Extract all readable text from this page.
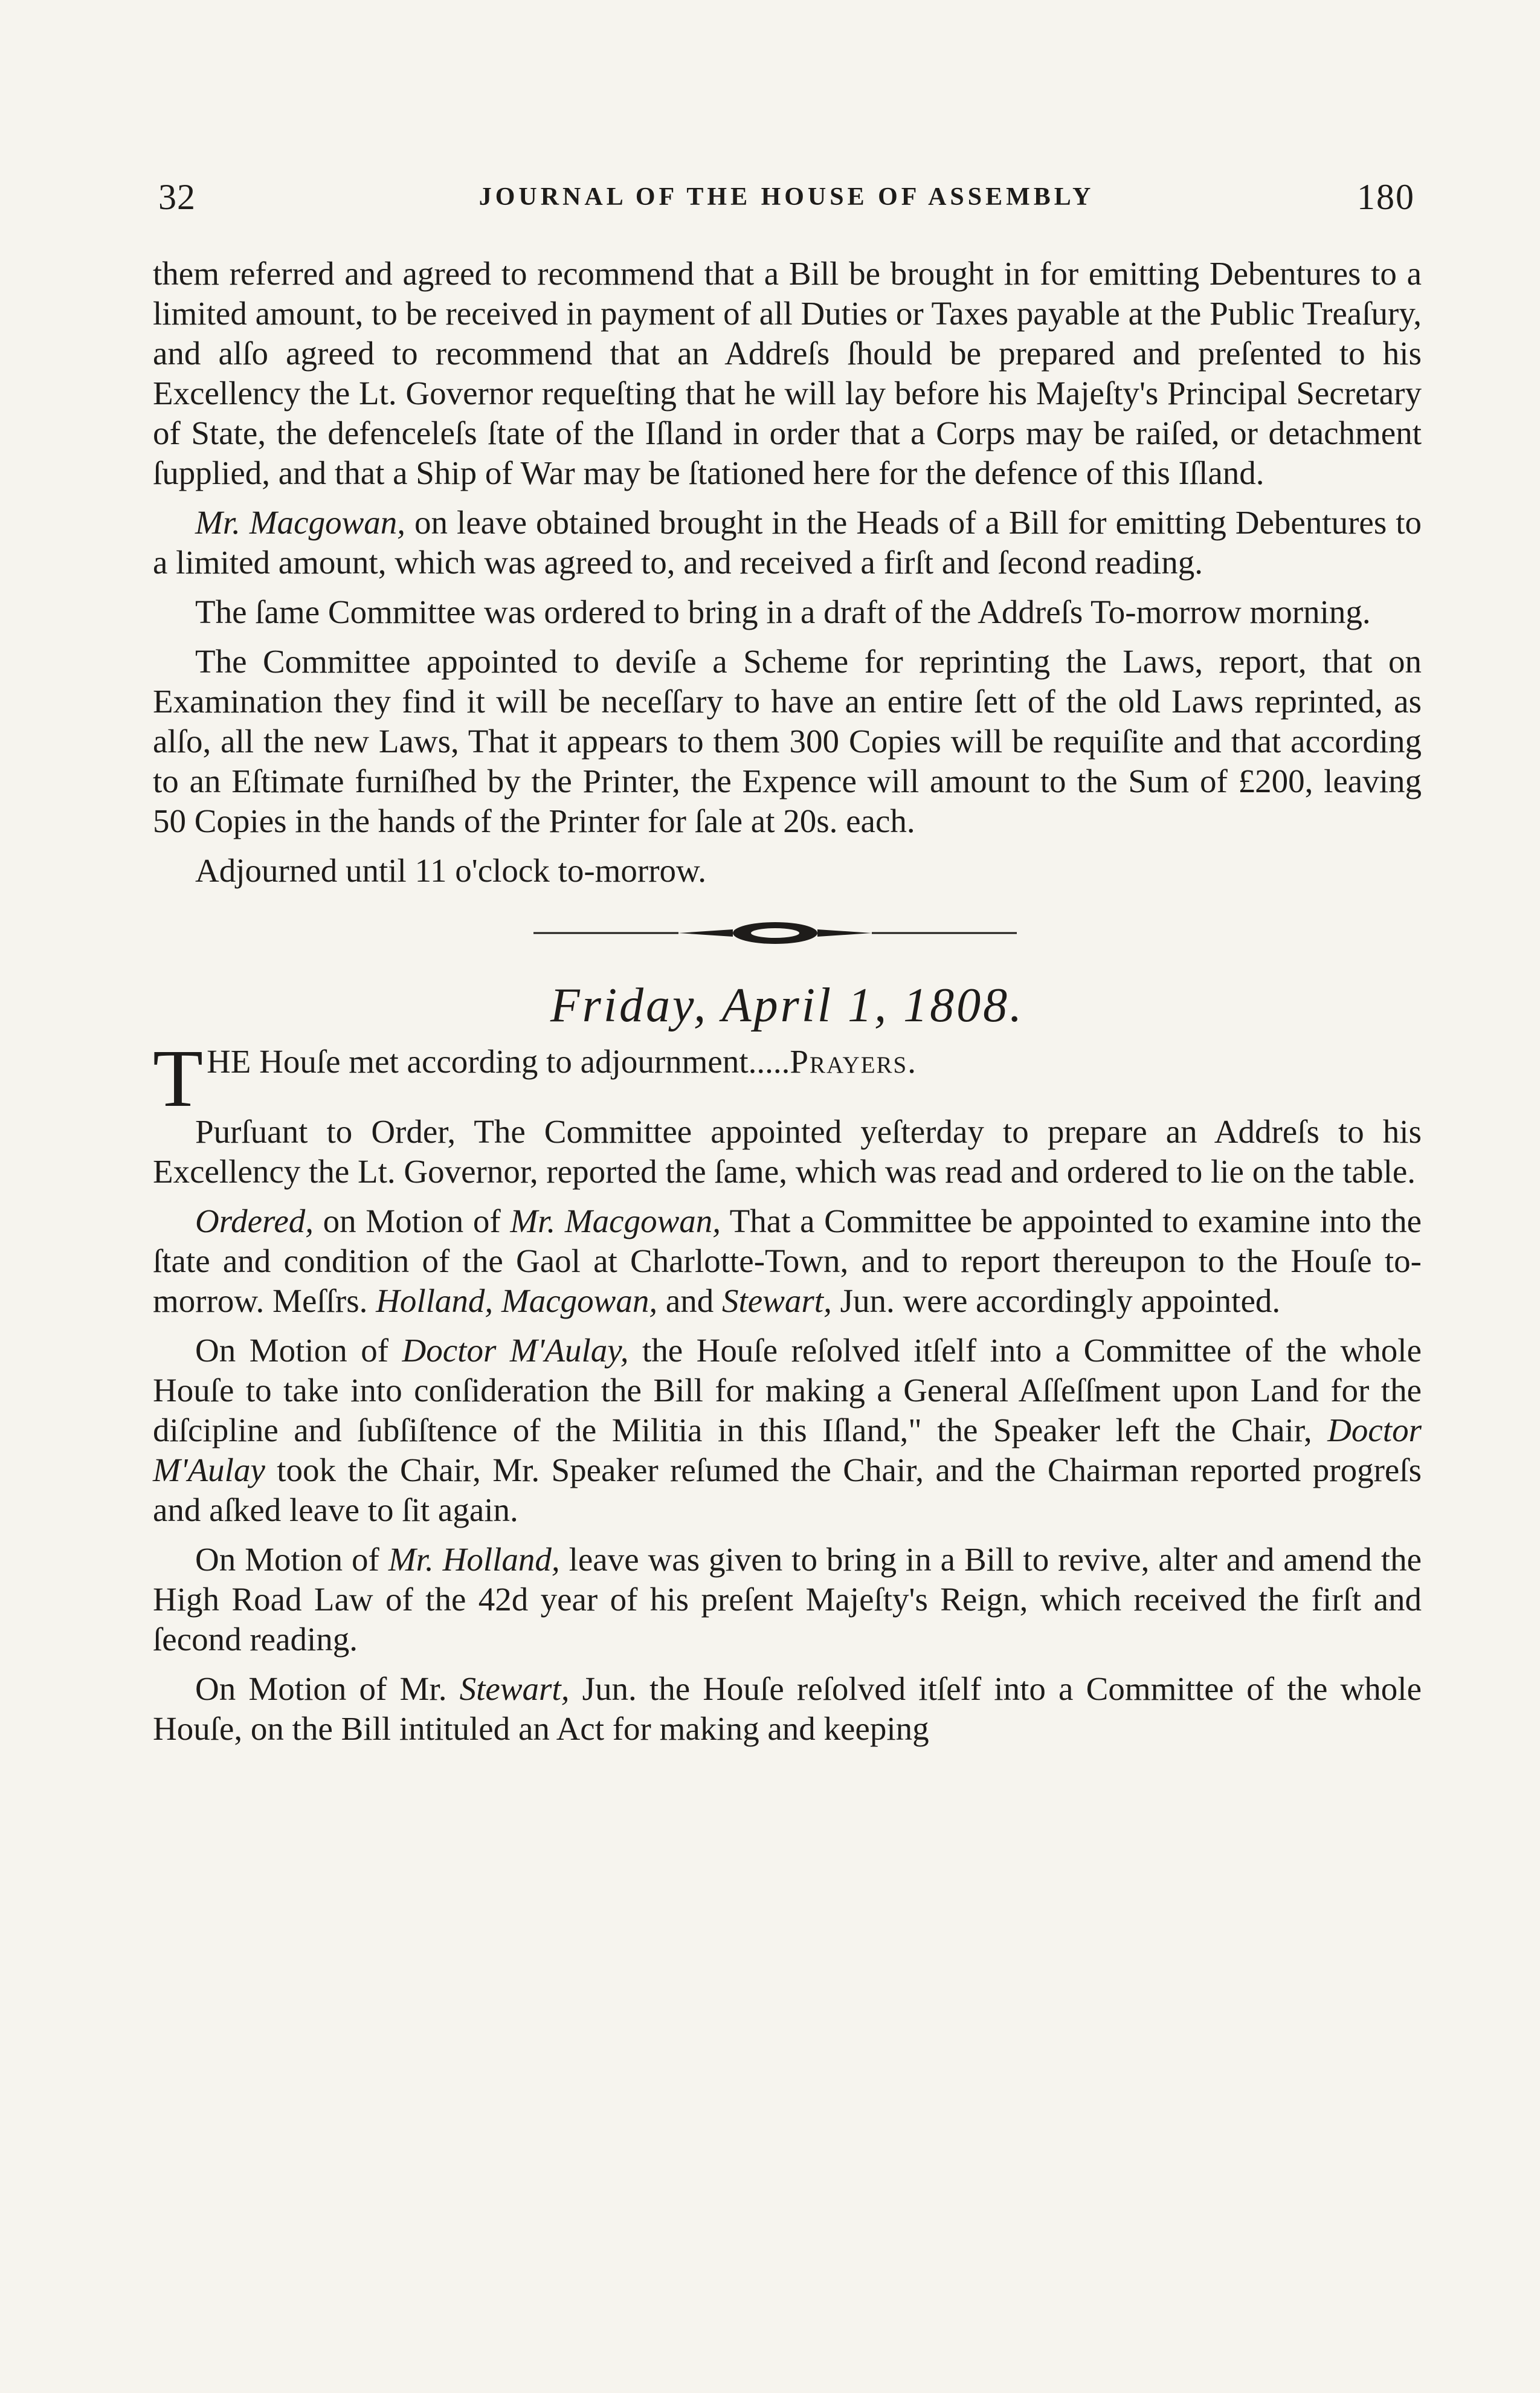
32	JOURNAL OF THE HOUSE OF ASSEMBLY	180

them referred and agreed to recommend that a Bill be brought in for emitting Debentures to a limited amount, to be received in payment of all Duties or Taxes payable at the Public Treaſury, and alſo agreed to recommend that an Addreſs ſhould be prepared and preſented to his Excellency the Lt. Governor requeſting that he will lay before his Majeſty's Principal Secretary of State, the defenceleſs ſtate of the Iſland in order that a Corps may be raiſed, or detachment ſupplied, and that a Ship of War may be ſtationed here for the defence of this Iſland.

Mr. Macgowan, on leave obtained brought in the Heads of a Bill for emitting Debentures to a limited amount, which was agreed to, and received a firſt and ſecond reading.

The ſame Committee was ordered to bring in a draft of the Addreſs To-morrow morning.

The Committee appointed to deviſe a Scheme for reprinting the Laws, report, that on Examination they find it will be neceſſary to have an entire ſett of the old Laws reprinted, as alſo, all the new Laws, That it appears to them 300 Copies will be requiſite and that according to an Eſtimate furniſhed by the Printer, the Expence will amount to the Sum of £200, leaving 50 Copies in the hands of the Printer for ſale at 20s. each.

Adjourned until 11 o'clock to-morrow.

Friday, April 1, 1808.

THE Houſe met according to adjournment.....Prayers.

Purſuant to Order, The Committee appointed yeſterday to prepare an Addreſs to his Excellency the Lt. Governor, reported the ſame, which was read and ordered to lie on the table.

Ordered, on Motion of Mr. Macgowan, That a Committee be appointed to examine into the ſtate and condition of the Gaol at Charlotte-Town, and to report thereupon to the Houſe to-morrow. Meſſrs. Holland, Macgowan, and Stewart, Jun. were accordingly appointed.

On Motion of Doctor M'Aulay, the Houſe reſolved itſelf into a Committee of the whole Houſe to take into conſideration the Bill for making a General Aſſeſſment upon Land for the diſcipline and ſubſiſtence of the Militia in this Iſland," the Speaker left the Chair, Doctor M'Aulay took the Chair, Mr. Speaker reſumed the Chair, and the Chairman reported progreſs and aſked leave to ſit again.

On Motion of Mr. Holland, leave was given to bring in a Bill to revive, alter and amend the High Road Law of the 42d year of his preſent Majeſty's Reign, which received the firſt and ſecond reading.

On Motion of Mr. Stewart, Jun. the Houſe reſolved itſelf into a Committee of the whole Houſe, on the Bill intituled an Act for making and keeping
